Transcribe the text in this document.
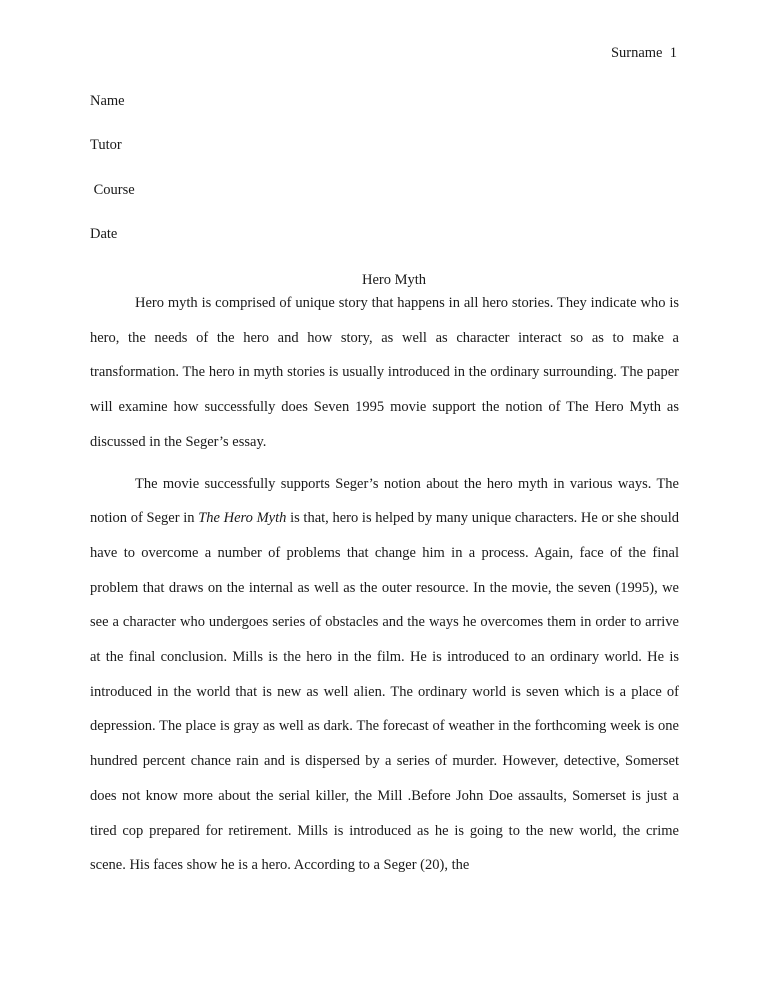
Surname  1
Name
Tutor
Course
Date
Hero Myth

Hero myth is comprised of unique story that happens in all hero stories. They indicate who is hero, the needs of the hero and how story, as well as character interact so as to make a transformation. The hero in myth stories is usually introduced in the ordinary surrounding. The paper will examine how successfully does Seven 1995 movie support the notion of The Hero Myth as discussed in the Seger’s essay.

The movie successfully supports Seger’s notion about the hero myth in various ways. The notion of Seger in The Hero Myth is that, hero is helped by many unique characters. He or she should have to overcome a number of problems that change him in a process. Again, face of the final problem that draws on the internal as well as the outer resource. In the movie, the seven (1995), we see a character who undergoes series of obstacles and the ways he overcomes them in order to arrive at the final conclusion. Mills is the hero in the film. He is introduced to an ordinary world. He is introduced in the world that is new as well alien. The ordinary world is seven which is a place of depression. The place is gray as well as dark. The forecast of weather in the forthcoming week is one hundred percent chance rain and is dispersed by a series of murder. However, detective, Somerset does not know more about the serial killer, the Mill .Before John Doe assaults, Somerset is just a tired cop prepared for retirement. Mills is introduced as he is going to the new world, the crime scene. His faces show he is a hero. According to a Seger (20), the
